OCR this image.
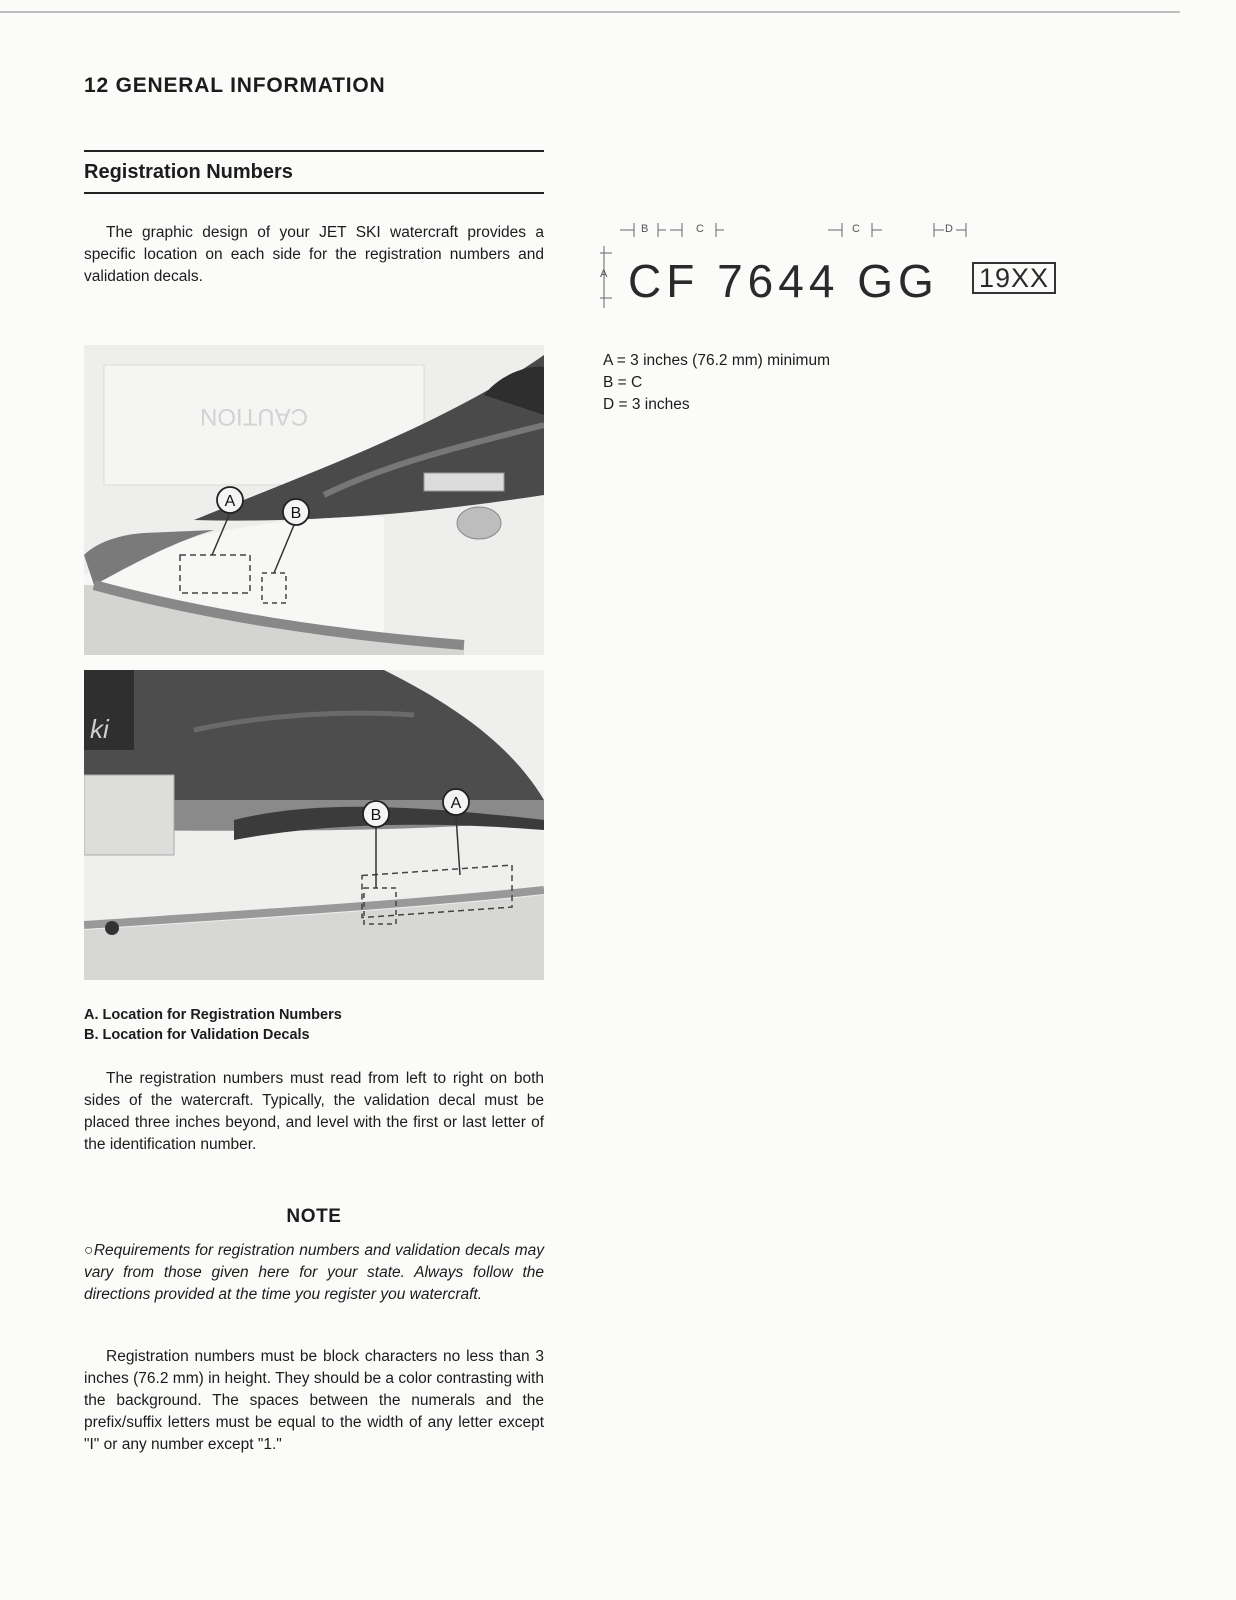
12 GENERAL INFORMATION
Registration Numbers

The graphic design of your JET SKI watercraft provides a specific location on each side for the registration numbers and validation decals.

CAUTION
A
B
ki
B
A
A. Location for Registration Numbers
B. Location for Validation Decals

The registration numbers must read from left to right on both sides of the watercraft. Typically, the validation decal must be placed three inches beyond, and level with the first or last letter of the identification number.

NOTE

○Requirements for registration numbers and validation decals may vary from those given here for your state. Always follow the directions provided at the time you register you watercraft.

Registration numbers must be block characters no less than 3 inches (76.2 mm) in height. They should be a color contrasting with the background. The spaces between the numerals and the prefix/suffix letters must be equal to the width of any letter except "I" or any number except "1."

A
B	C	C	D
CF 7644 GG 19XX
A = 3 inches (76.2 mm) minimum
B = C
D = 3 inches
